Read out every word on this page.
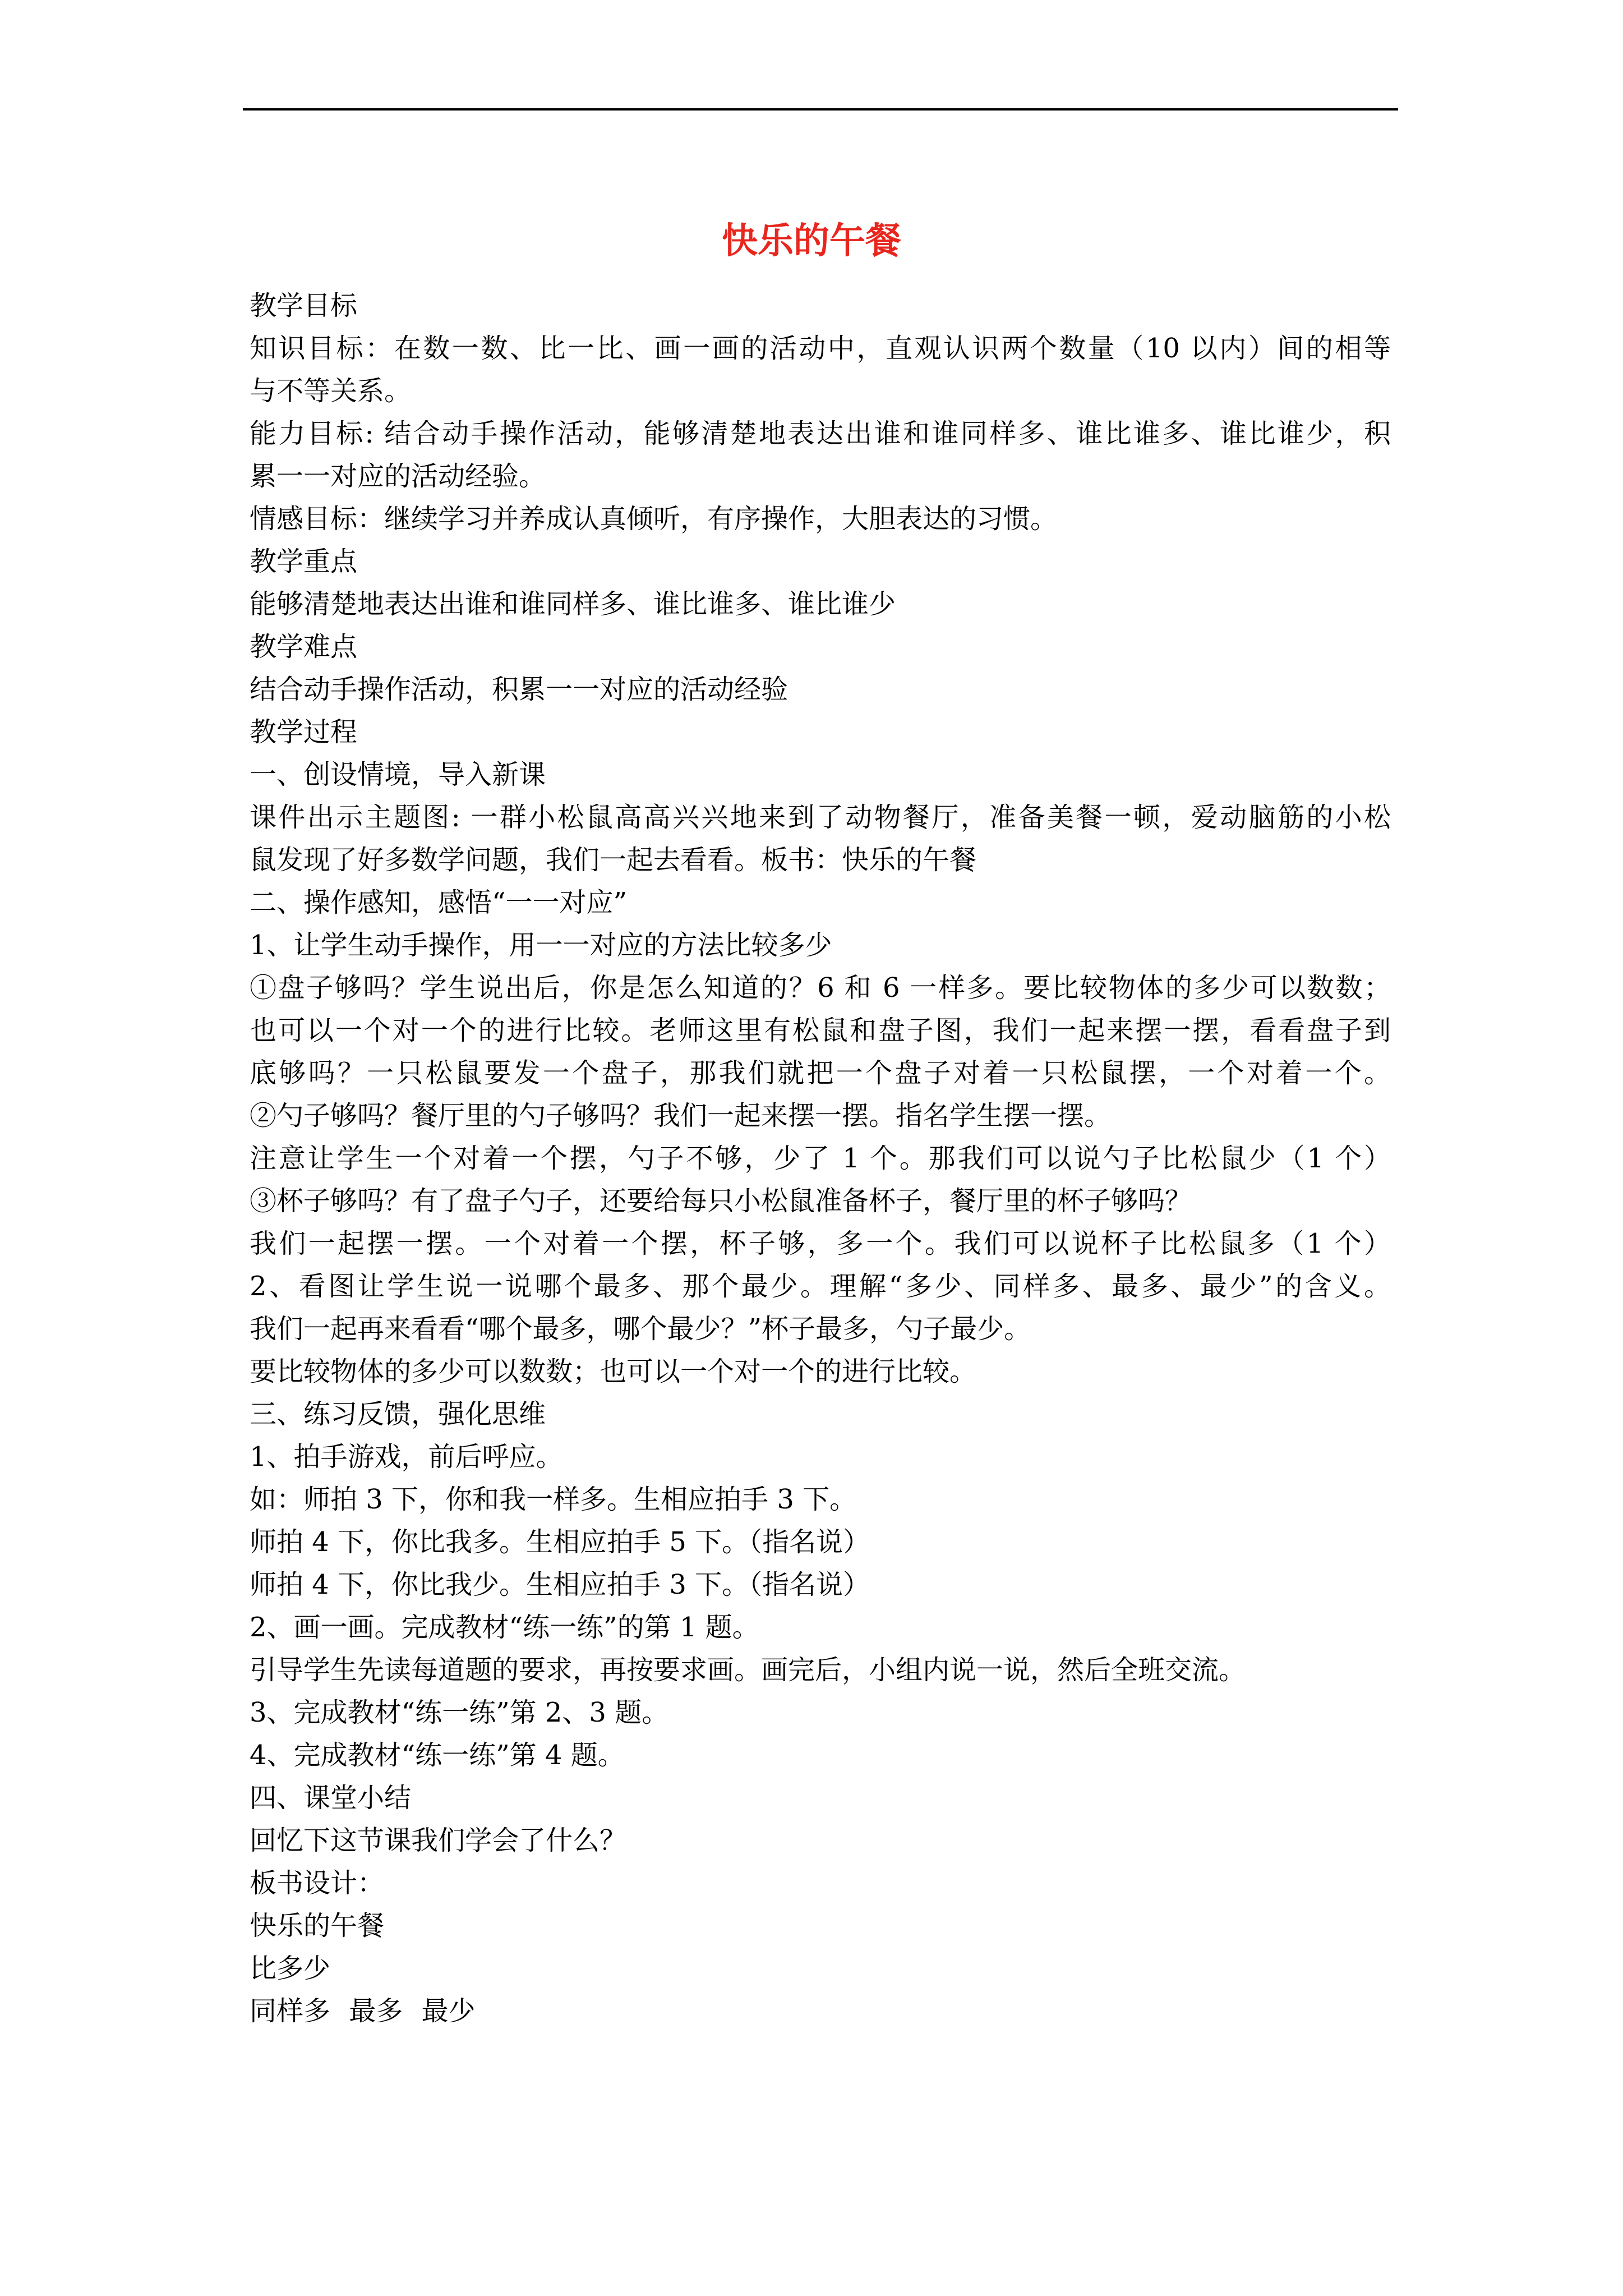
快乐的午餐
教学目标
知识目标：在数一数、比一比、画一画的活动中，直观认识两个数量（10 以内）间的相等
与不等关系。
能力目标: 结合动手操作活动，能够清楚地表达出谁和谁同样多、谁比谁多、谁比谁少，积
累一一对应的活动经验。
情感目标：继续学习并养成认真倾听，有序操作，大胆表达的习惯。
教学重点
能够清楚地表达出谁和谁同样多、谁比谁多、谁比谁少
教学难点
结合动手操作活动，积累一一对应的活动经验
教学过程
一、创设情境，导入新课
课件出示主题图: 一群小松鼠高高兴兴地来到了动物餐厅，准备美餐一顿，爱动脑筋的小松
鼠发现了好多数学问题，我们一起去看看。板书：快乐的午餐
二、操作感知，感悟“一一对应”
1、让学生动手操作，用一一对应的方法比较多少
①盘子够吗？学生说出后，你是怎么知道的？6 和 6 一样多。要比较物体的多少可以数数；
也可以一个对一个的进行比较。老师这里有松鼠和盘子图，我们一起来摆一摆，看看盘子到
底够吗？一只松鼠要发一个盘子，那我们就把一个盘子对着一只松鼠摆，一个对着一个。
②勺子够吗？餐厅里的勺子够吗？我们一起来摆一摆。指名学生摆一摆。
注意让学生一个对着一个摆，勺子不够，少了 1 个。那我们可以说勺子比松鼠少（1 个）
③杯子够吗？有了盘子勺子，还要给每只小松鼠准备杯子，餐厅里的杯子够吗？
我们一起摆一摆。一个对着一个摆，杯子够，多一个。我们可以说杯子比松鼠多（1 个）
2、看图让学生说一说哪个最多、那个最少。理解“多少、同样多、最多、最少”的含义。
我们一起再来看看“哪个最多，哪个最少？”杯子最多，勺子最少。
要比较物体的多少可以数数；也可以一个对一个的进行比较。
三、练习反馈，强化思维
1、拍手游戏，前后呼应。
如：师拍 3 下，你和我一样多。生相应拍手 3 下。
师拍 4 下，你比我多。生相应拍手 5 下。（指名说）
师拍 4 下，你比我少。生相应拍手 3 下。（指名说）
2、画一画。完成教材“练一练”的第 1 题。
引导学生先读每道题的要求，再按要求画。画完后，小组内说一说，然后全班交流。
3、完成教材“练一练”第 2、3 题。
4、完成教材“练一练”第 4 题。
四、课堂小结
回忆下这节课我们学会了什么？
板书设计：
快乐的午餐
比多少
同样多 最多 最少
